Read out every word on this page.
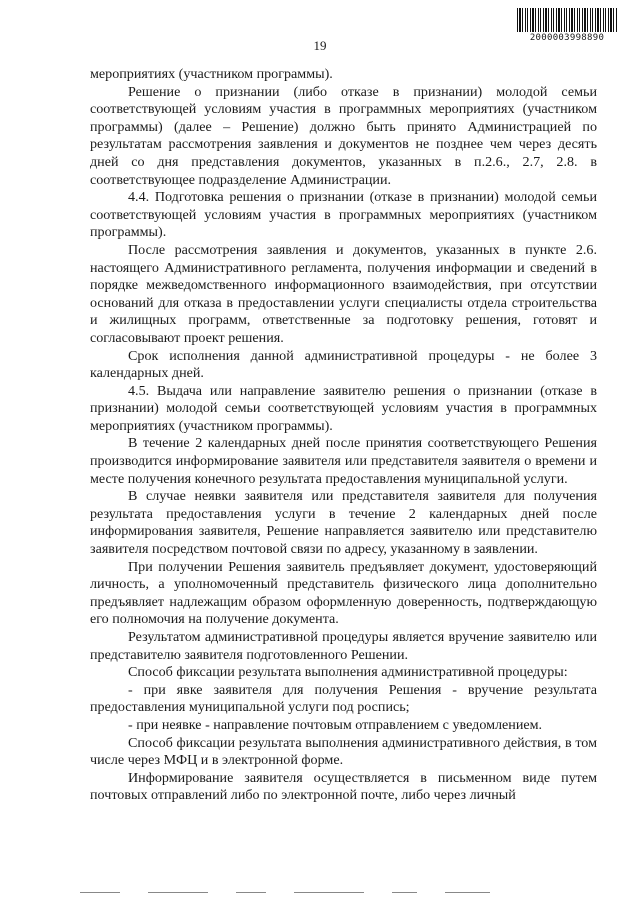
19	2000003998890

мероприятиях (участником программы).

Решение о признании (либо отказе в признании) молодой семьи соответствующей условиям участия в программных мероприятиях (участником программы) (далее – Решение) должно быть принято Администрацией по результатам рассмотрения заявления и документов не позднее чем через десять дней со дня представления документов, указанных в п.2.6., 2.7, 2.8. в соответствующее подразделение Администрации.

4.4. Подготовка решения о признании (отказе в признании) молодой семьи соответствующей условиям участия в программных мероприятиях (участником программы).

После рассмотрения заявления и документов, указанных в пункте 2.6. настоящего Административного регламента, получения информации и сведений в порядке межведомственного информационного взаимодействия, при отсутствии оснований для отказа в предоставлении услуги специалисты отдела строительства и жилищных программ, ответственные за подготовку решения, готовят и согласовывают проект решения.

Срок исполнения данной административной процедуры - не более 3 календарных дней.

4.5. Выдача или направление заявителю решения о признании (отказе в признании) молодой семьи соответствующей условиям участия в программных мероприятиях (участником программы).

В течение 2 календарных дней после принятия соответствующего Решения производится информирование заявителя или представителя заявителя о времени и месте получения конечного результата предоставления муниципальной услуги.

В случае неявки заявителя или представителя заявителя для получения результата предоставления услуги в течение 2 календарных дней после информирования заявителя, Решение направляется заявителю или представителю заявителя посредством почтовой связи по адресу, указанному в заявлении.

При получении Решения заявитель предъявляет документ, удостоверяющий личность, а уполномоченный представитель физического лица дополнительно предъявляет надлежащим образом оформленную доверенность, подтверждающую его полномочия на получение документа.

Результатом административной процедуры является вручение заявителю или представителю заявителя подготовленного Решении.

Способ фиксации результата выполнения административной процедуры:

- при явке заявителя для получения Решения - вручение результата предоставления муниципальной услуги под роспись;

- при неявке - направление почтовым отправлением с уведомлением.

Способ фиксации результата выполнения административного действия, в том числе через МФЦ и в электронной форме.

Информирование заявителя осуществляется в письменном виде путем почтовых отправлений либо по электронной почте, либо через личный
